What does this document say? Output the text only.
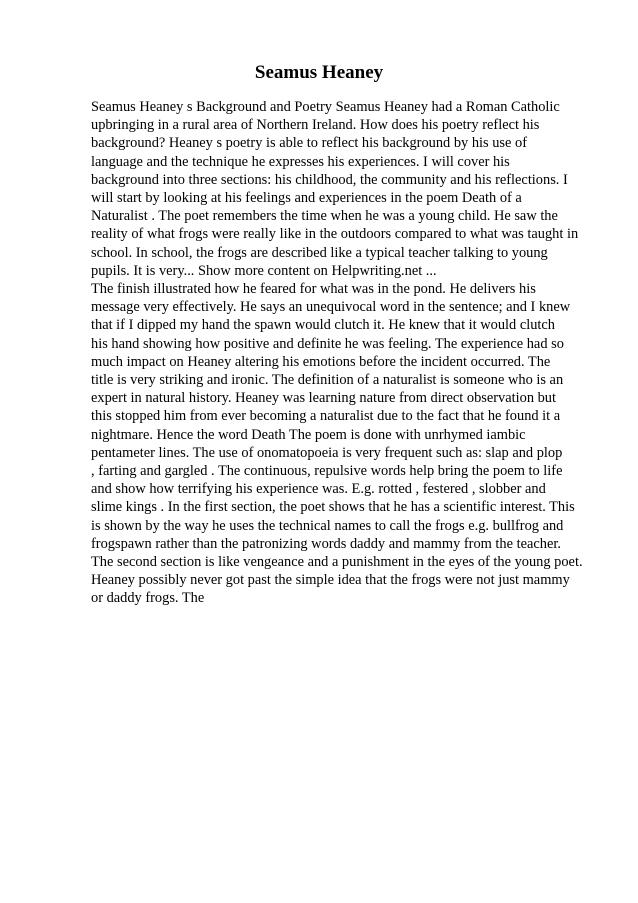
Seamus Heaney
Seamus Heaney s Background and Poetry Seamus Heaney had a Roman Catholic
upbringing in a rural area of Northern Ireland. How does his poetry reflect his
background? Heaney s poetry is able to reflect his background by his use of
language and the technique he expresses his experiences. I will cover his
background into three sections: his childhood, the community and his reflections. I
will start by looking at his feelings and experiences in the poem Death of a
Naturalist . The poet remembers the time when he was a young child. He saw the
reality of what frogs were really like in the outdoors compared to what was taught in
school. In school, the frogs are described like a typical teacher talking to young
pupils. It is very... Show more content on Helpwriting.net ...
The finish illustrated how he feared for what was in the pond. He delivers his
message very effectively. He says an unequivocal word in the sentence; and I knew
that if I dipped my hand the spawn would clutch it. He knew that it would clutch
his hand showing how positive and definite he was feeling. The experience had so
much impact on Heaney altering his emotions before the incident occurred. The
title is very striking and ironic. The definition of a naturalist is someone who is an
expert in natural history. Heaney was learning nature from direct observation but
this stopped him from ever becoming a naturalist due to the fact that he found it a
nightmare. Hence the word Death The poem is done with unrhymed iambic
pentameter lines. The use of onomatopoeia is very frequent such as: slap and plop
, farting and gargled . The continuous, repulsive words help bring the poem to life
and show how terrifying his experience was. E.g. rotted , festered , slobber and
slime kings . In the first section, the poet shows that he has a scientific interest. This
is shown by the way he uses the technical names to call the frogs e.g. bullfrog and
frogspawn rather than the patronizing words daddy and mammy from the teacher.
The second section is like vengeance and a punishment in the eyes of the young poet.
Heaney possibly never got past the simple idea that the frogs were not just mammy
or daddy frogs. The
